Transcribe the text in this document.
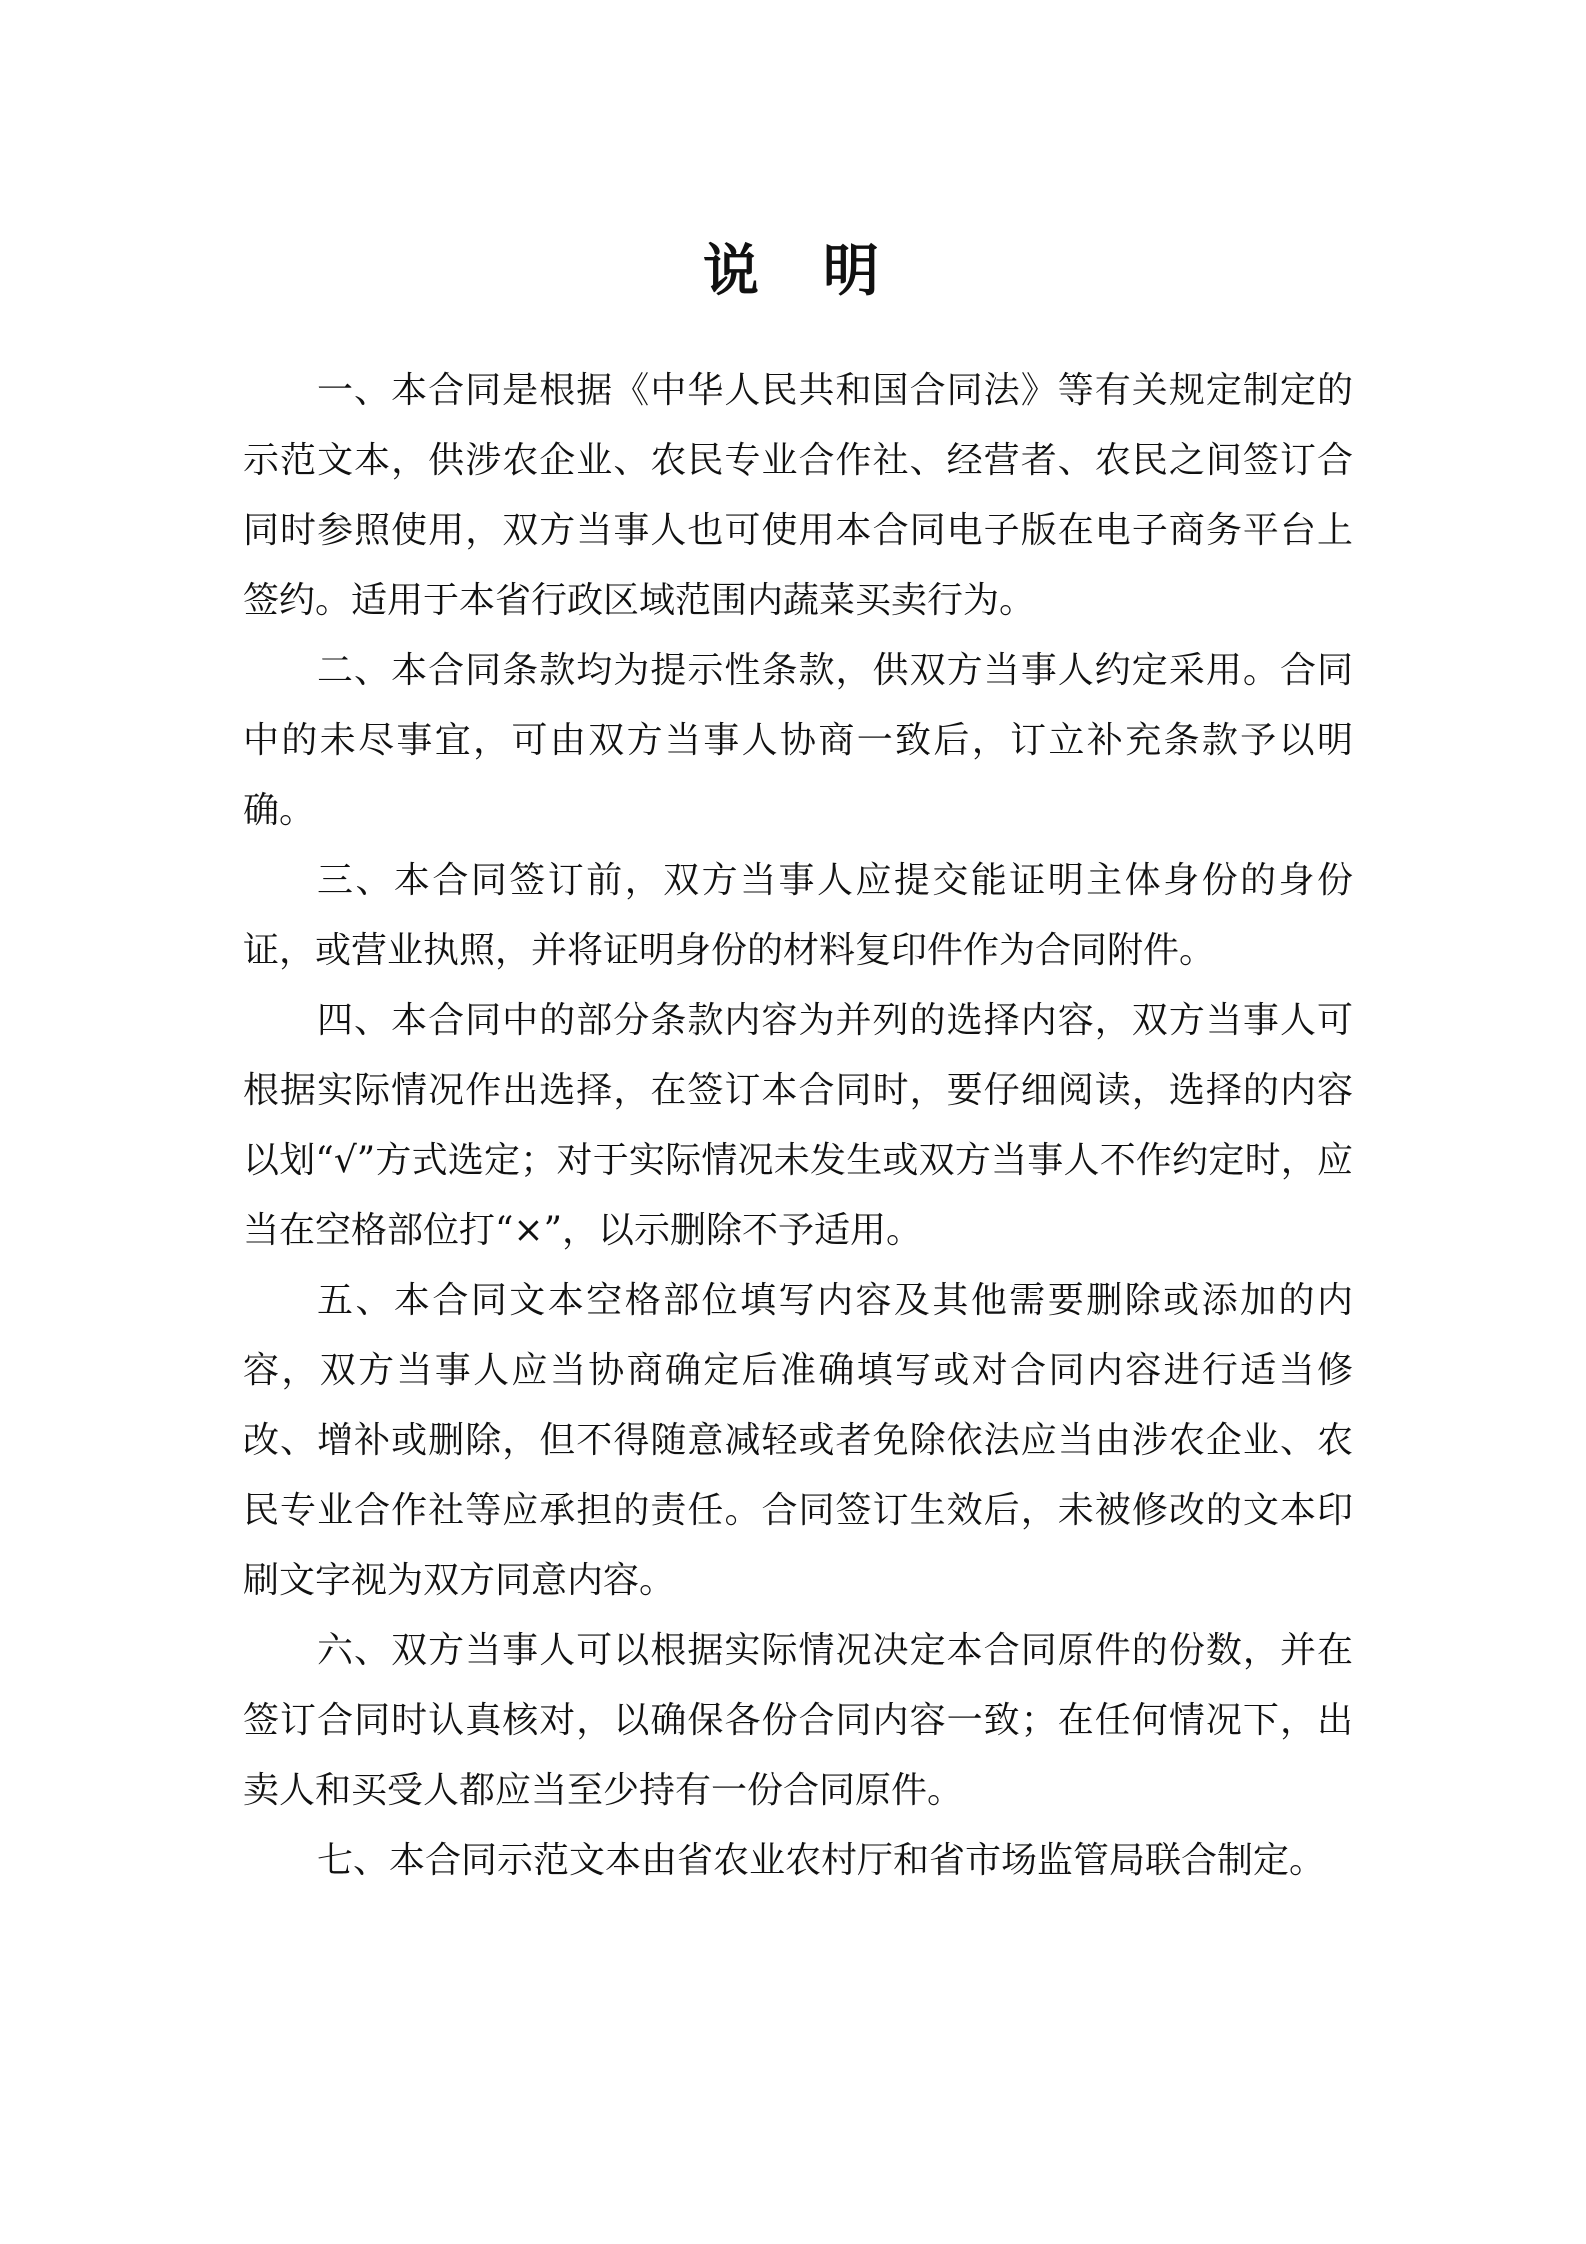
说　明

一、本合同是根据《中华人民共和国合同法》等有关规定制定的示范文本，供涉农企业、农民专业合作社、经营者、农民之间签订合同时参照使用，双方当事人也可使用本合同电子版在电子商务平台上签约。适用于本省行政区域范围内蔬菜买卖行为。

二、本合同条款均为提示性条款，供双方当事人约定采用。合同中的未尽事宜，可由双方当事人协商一致后，订立补充条款予以明确。

三、本合同签订前，双方当事人应提交能证明主体身份的身份证，或营业执照，并将证明身份的材料复印件作为合同附件。

四、本合同中的部分条款内容为并列的选择内容，双方当事人可根据实际情况作出选择，在签订本合同时，要仔细阅读，选择的内容以划“√”方式选定；对于实际情况未发生或双方当事人不作约定时，应当在空格部位打“×”，以示删除不予适用。

五、本合同文本空格部位填写内容及其他需要删除或添加的内容，双方当事人应当协商确定后准确填写或对合同内容进行适当修改、增补或删除，但不得随意减轻或者免除依法应当由涉农企业、农民专业合作社等应承担的责任。合同签订生效后，未被修改的文本印刷文字视为双方同意内容。

六、双方当事人可以根据实际情况决定本合同原件的份数，并在签订合同时认真核对，以确保各份合同内容一致；在任何情况下，出卖人和买受人都应当至少持有一份合同原件。

七、本合同示范文本由省农业农村厅和省市场监管局联合制定。
